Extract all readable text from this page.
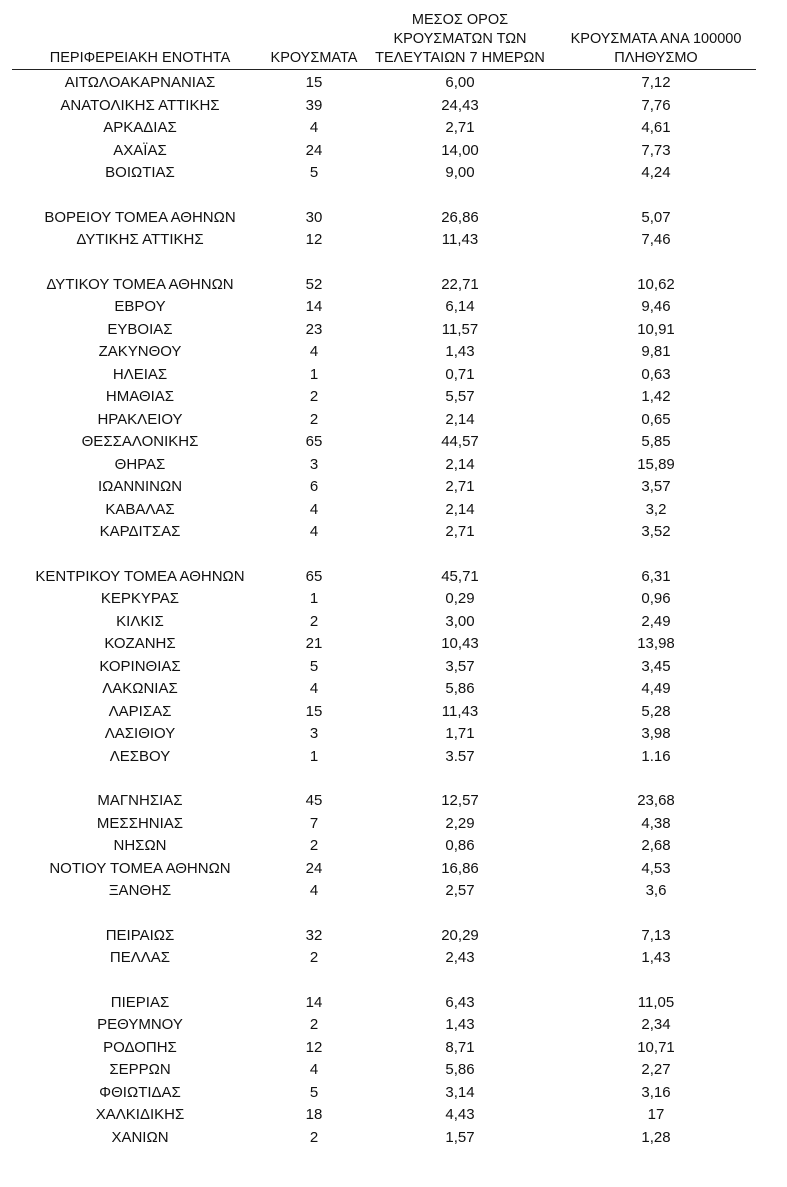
ΠΕΡΙΦΕΡΕΙΑΚΗ ΕΝΟΤΗΤΑ	ΚΡΟΥΣΜΑΤΑ
ΜΕΣΟΣ ΟΡΟΣ
ΚΡΟΥΣΜΑΤΩΝ ΤΩΝ
ΤΕΛΕΥΤΑΙΩΝ 7 ΗΜΕΡΩΝ
ΚΡΟΥΣΜΑΤΑ ΑΝΑ 100000
ΠΛΗΘΥΣΜΟ
ΑΙΤΩΛΟΑΚΑΡΝΑΝΙΑΣ	15	6,00	7,12
ΑΝΑΤΟΛΙΚΗΣ ΑΤΤΙΚΗΣ	39	24,43	7,76
ΑΡΚΑΔΙΑΣ	4	2,71	4,61
ΑΧΑΪΑΣ	24	14,00	7,73
ΒΟΙΩΤΙΑΣ	5	9,00	4,24
ΒΟΡΕΙΟΥ ΤΟΜΕΑ ΑΘΗΝΩΝ	30	26,86	5,07
ΔΥΤΙΚΗΣ ΑΤΤΙΚΗΣ	12	11,43	7,46
ΔΥΤΙΚΟΥ ΤΟΜΕΑ ΑΘΗΝΩΝ	52	22,71	10,62
ΕΒΡΟΥ	14	6,14	9,46
ΕΥΒΟΙΑΣ	23	11,57	10,91
ΖΑΚΥΝΘΟΥ	4	1,43	9,81
ΗΛΕΙΑΣ	1	0,71	0,63
ΗΜΑΘΙΑΣ	2	5,57	1,42
ΗΡΑΚΛΕΙΟΥ	2	2,14	0,65
ΘΕΣΣΑΛΟΝΙΚΗΣ	65	44,57	5,85
ΘΗΡΑΣ	3	2,14	15,89
ΙΩΑΝΝΙΝΩΝ	6	2,71	3,57
ΚΑΒΑΛΑΣ	4	2,14	3,2
ΚΑΡΔΙΤΣΑΣ	4	2,71	3,52
ΚΕΝΤΡΙΚΟΥ ΤΟΜΕΑ ΑΘΗΝΩΝ	65	45,71	6,31
ΚΕΡΚΥΡΑΣ	1	0,29	0,96
ΚΙΛΚΙΣ	2	3,00	2,49
ΚΟΖΑΝΗΣ	21	10,43	13,98
ΚΟΡΙΝΘΙΑΣ	5	3,57	3,45
ΛΑΚΩΝΙΑΣ	4	5,86	4,49
ΛΑΡΙΣΑΣ	15	11,43	5,28
ΛΑΣΙΘΙΟΥ	3	1,71	3,98
ΛΕΣΒΟΥ	1	3.57	1.16
ΜΑΓΝΗΣΙΑΣ	45	12,57	23,68
ΜΕΣΣΗΝΙΑΣ	7	2,29	4,38
ΝΗΣΩΝ	2	0,86	2,68
ΝΟΤΙΟΥ ΤΟΜΕΑ ΑΘΗΝΩΝ	24	16,86	4,53
ΞΑΝΘΗΣ	4	2,57	3,6
ΠΕΙΡΑΙΩΣ	32	20,29	7,13
ΠΕΛΛΑΣ	2	2,43	1,43
ΠΙΕΡΙΑΣ	14	6,43	11,05
ΡΕΘΥΜΝΟΥ	2	1,43	2,34
ΡΟΔΟΠΗΣ	12	8,71	10,71
ΣΕΡΡΩΝ	4	5,86	2,27
ΦΘΙΩΤΙΔΑΣ	5	3,14	3,16
ΧΑΛΚΙΔΙΚΗΣ	18	4,43	17
ΧΑΝΙΩΝ	2	1,57	1,28
